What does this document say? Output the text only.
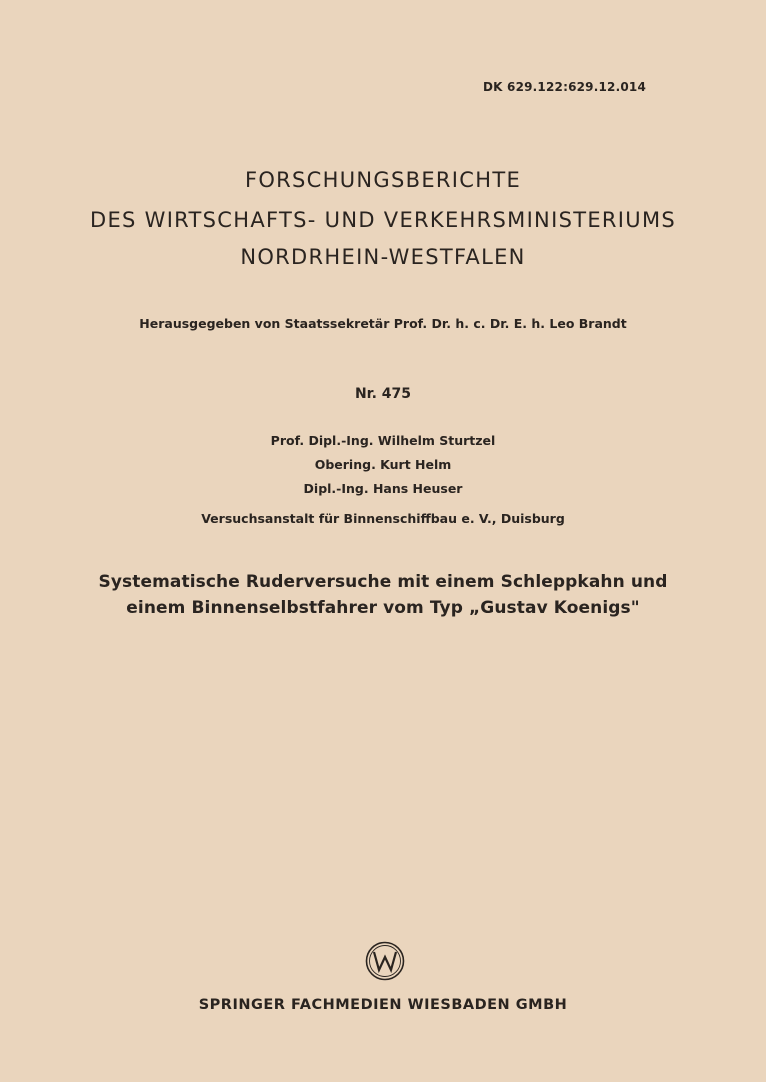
DK 629.122:629.12.014
FORSCHUNGSBERICHTE
DES WIRTSCHAFTS- UND VERKEHRSMINISTERIUMS
NORDRHEIN-WESTFALEN
Herausgegeben von Staatssekretär Prof. Dr. h. c. Dr. E. h. Leo Brandt
Nr. 475
Prof. Dipl.-Ing. Wilhelm Sturtzel
Obering. Kurt Helm
Dipl.-Ing. Hans Heuser
Versuchsanstalt für Binnenschiffbau e. V., Duisburg
Systematische Ruderversuche mit einem Schleppkahn und
einem Binnenselbstfahrer vom Typ „Gustav Koenigs"
SPRINGER FACHMEDIEN WIESBADEN GMBH
